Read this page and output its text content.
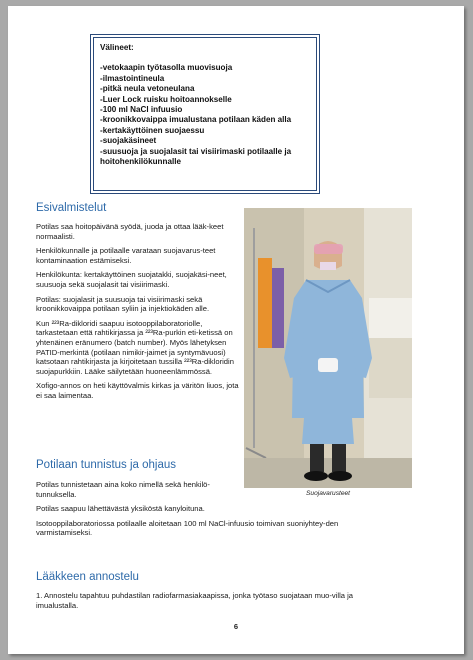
Välineet:
-vetokaapin työtasolla muovisuoja
-ilmastointineula
-pitkä neula vetoneulana
-Luer Lock ruisku hoitoannokselle
-100 ml NaCl infuusio
-kroonikkovaippa imualustana potilaan käden alla
-kertakäyttöinen suojaessu
-suojakäsineet
-suusuoja ja suojalasit tai visiirimaski potilaalle ja
hoitohenkilökunnalle
Esivalmistelut

Potilas saa hoitopäivänä syödä, juoda ja ottaa lääk-keet normaalisti.

Henkilökunnalle ja potilaalle varataan suojavarus-teet kontaminaation estämiseksi.

Henkilökunta: kertakäyttöinen suojatakki, suojakäsi-neet, suusuoja sekä suojalasit tai visiirimaski.

Potilas: suojalasit ja suusuoja tai visiirimaski sekä kroonikkovaippa potilaan syliin ja injektiokäden alle.

Kun ²²³Ra-dikloridi saapuu isotooppilaboratoriolle, tarkastetaan että rahtikirjassa ja ²²³Ra-purkin eti-ketissä on yhtenäinen eränumero (batch number). Myös lähetyksen PATID-merkintä (potilaan nimikir-jaimet ja syntymävuosi) katsotaan rahtikirjasta ja kirjoitetaan tussilla ²²³Ra-dikloridin suojapurkkiin. Lääke säilytetään huoneenlämmössä.

Xofigo-annos on heti käyttövalmis kirkas ja väritön liuos, jota ei saa laimentaa.

Suojavarusteet
Potilaan tunnistus ja ohjaus

Potilas tunnistetaan aina koko nimellä sekä henkilö-tunnuksella.

Potilas saapuu lähettävästä yksiköstä kanyloituna.

Isotooppilaboratoriossa potilaalle aloitetaan 100 ml NaCl-infuusio toimivan suoniyhtey-den varmistamiseksi.

Lääkkeen annostelu

1. Annostelu tapahtuu puhdastilan radiofarmasiakaapissa, jonka työtaso suojataan muo-villa ja imualustalla.

6
